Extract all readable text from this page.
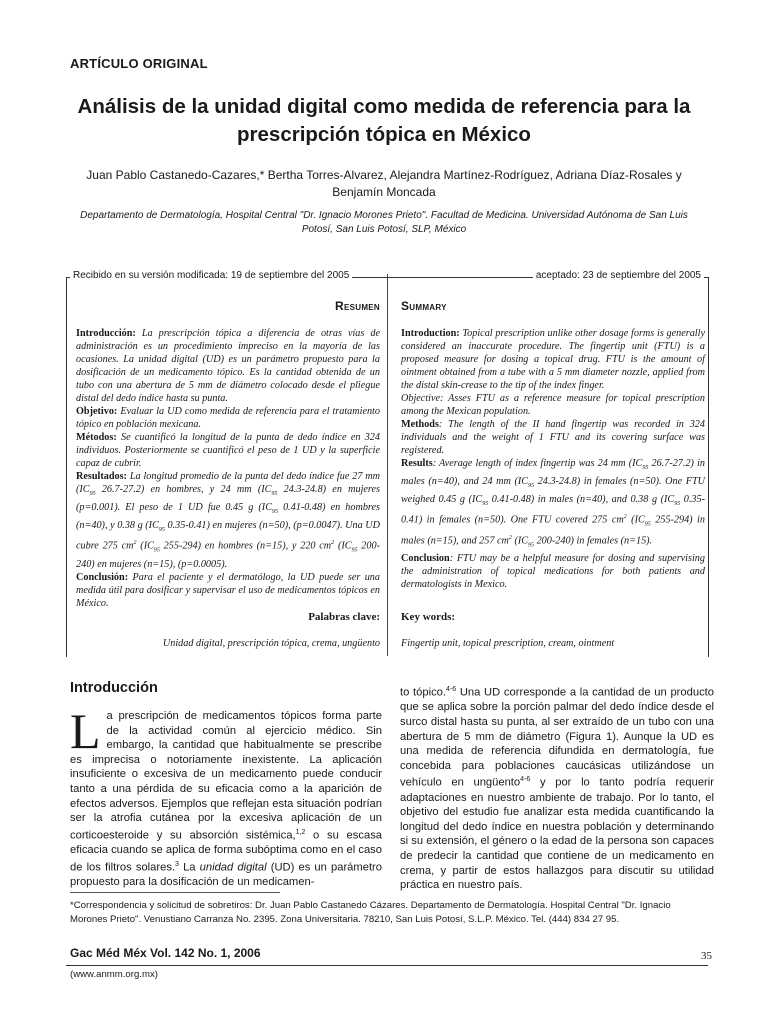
ARTÍCULO ORIGINAL
Análisis de la unidad digital como medida de referencia para la prescripción tópica en México
Juan Pablo Castanedo-Cazares,* Bertha Torres-Alvarez, Alejandra Martínez-Rodríguez, Adriana Díaz-Rosales y Benjamín Moncada
Departamento de Dermatología, Hospital Central "Dr. Ignacio Morones Prieto". Facultad de Medicina. Universidad Autónoma de San Luis Potosí, San Luis Potosí, SLP, México
Recibido en su versión modificada: 19 de septiembre del 2005	aceptado: 23 de septiembre del 2005
Resumen Summary

Introducción: La prescripción tópica a diferencia de otras vías de administración es un procedimiento impreciso en la mayoría de las ocasiones. La unidad digital (UD) es un parámetro propuesto para la dosificación de un medicamento tópico. Es la cantidad obtenida de un tubo con una abertura de 5 mm de diámetro colocado desde el pliegue distal del dedo índice hasta su punta.
Objetivo: Evaluar la UD como medida de referencia para el tratamiento tópico en población mexicana.
Métodos: Se cuantificó la longitud de la punta de dedo índice en 324 individuos. Posteriormente se cuantificó el peso de 1 UD y la superficie capaz de cubrir.
Resultados: La longitud promedio de la punta del dedo índice fue 27 mm ($IC_{95}$ 26.7-27.2) en hombres, y 24 mm ($IC_{95}$ 24.3-24.8) en mujeres (p=0.001). El peso de 1 UD fue 0.45 g ($IC_{95}$ 0.41-0.48) en hombres (n=40), y 0.38 g ($IC_{95}$ 0.35-0.41) en mujeres (n=50), (p=0.0047). Una UD cubre 275 $cm^2$ ($IC_{95}$ 255-294) en hombres (n=15), y 220 $cm^2$ ($IC_{95}$ 200-240) en mujeres (n=15), (p=0.0005).
Conclusión: Para el paciente y el dermatólogo, la UD puede ser una medida útil para dosificar y supervisar el uso de medicamentos tópicos en México.

Introduction: Topical prescription unlike other dosage forms is generally considered an inaccurate procedure. The fingertip unit (FTU) is a proposed measure for dosing a topical drug. FTU is the amount of ointment obtained from a tube with a 5 mm diameter nozzle, applied from the distal skin-crease to the tip of the index finger.
Objective: Asses FTU as a reference measure for topical prescription among the Mexican population.
Methods: The length of the II hand fingertip was recorded in 324 individuals and the weight of 1 FTU and its covering surface was registered.
Results: Average length of index fingertip was 24 mm ($IC_{95}$ 26.7-27.2) in males (n=40), and 24 mm ($IC_{95}$ 24.3-24.8) in females (n=50). One FTU weighed 0.45 g ($IC_{95}$ 0.41-0.48) in males (n=40), and 0.38 g ($IC_{95}$ 0.35-0.41) in females (n=50). One FTU covered 275 $cm^2$ ($IC_{95}$ 255-294) in males (n=15), and 257 $cm^2$ ($IC_{95}$ 200-240) in females (n=15).
Conclusion: FTU may be a helpful measure for dosing and supervising the administration of topical medications for both patients and dermatologists in Mexico.

Palabras clave: Key words:
Unidad digital, prescripción tópica, crema, ungüento Fingertip unit, topical prescription, cream, ointment
Introducción
La prescripción de medicamentos tópicos forma parte de la actividad común al ejercicio médico. Sin embargo, la cantidad que habitualmente se prescribe es imprecisa o notoriamente inexistente. La aplicación insuficiente o excesiva de un medicamento puede conducir tanto a una pérdida de su eficacia como a la aparición de efectos adversos. Ejemplos que reflejan esta situación podrían ser la atrofia cutánea por la excesiva aplicación de un corticoesteroide y su absorción sistémica,$^{1,2}$ o su escasa eficacia cuando se aplica de forma subóptima como en el caso de los filtros solares.$^3$ La unidad digital (UD) es un parámetro propuesto para la dosificación de un medicamen-
to tópico.$^{4-6}$ Una UD corresponde a la cantidad de un producto que se aplica sobre la porción palmar del dedo índice desde el surco distal hasta su punta, al ser extraído de un tubo con una abertura de 5 mm de diámetro (Figura 1). Aunque la UD es una medida de referencia difundida en dermatología, fue concebida para poblaciones caucásicas utilizándose un vehículo en ungüento$^{4-6}$ y por lo tanto podría requerir adaptaciones en nuestro ambiente de trabajo. Por lo tanto, el objetivo del estudio fue analizar esta medida cuantificando la longitud del dedo índice en nuestra población y determinando si su extensión, el género o la edad de la persona son capaces de predecir la cantidad que contiene de un medicamento en crema, y partir de estos hallazgos para discutir su utilidad práctica en nuestro país.
*Correspondencia y solicitud de sobretiros: Dr. Juan Pablo Castanedo Cázares. Departamento de Dermatología. Hospital Central "Dr. Ignacio Morones Prieto". Venustiano Carranza No. 2395. Zona Universitaria. 78210, San Luis Potosí, S.L.P. México. Tel. (444) 834 27 95.
Gac Méd Méx Vol. 142 No. 1, 2006	35
(www.anmm.org.mx)
